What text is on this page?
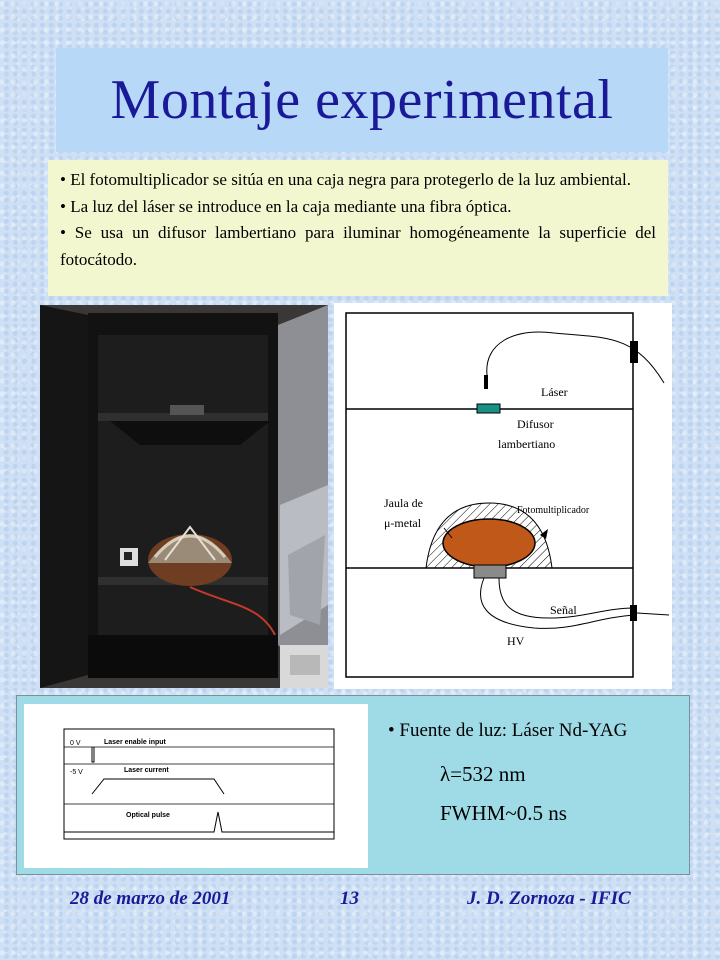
Montaje experimental

• El fotomultiplicador se sitúa en una caja negra para protegerlo de la luz ambiental.

• La luz del láser se introduce en la caja mediante una fibra óptica.

• Se usa un difusor lambertiano para iluminar homogéneamente la superficie del fotocátodo.

Láser
Difusor
lambertiano
Jaula de
μ-metal
Fotomultiplicador
Señal
HV
0 V
-5 V
Laser enable input
Laser current
Optical pulse

• Fuente de luz: Láser Nd-YAG

λ=532 nm

FWHM~0.5 ns

28 de marzo de 2001	13	J. D. Zornoza - IFIC
